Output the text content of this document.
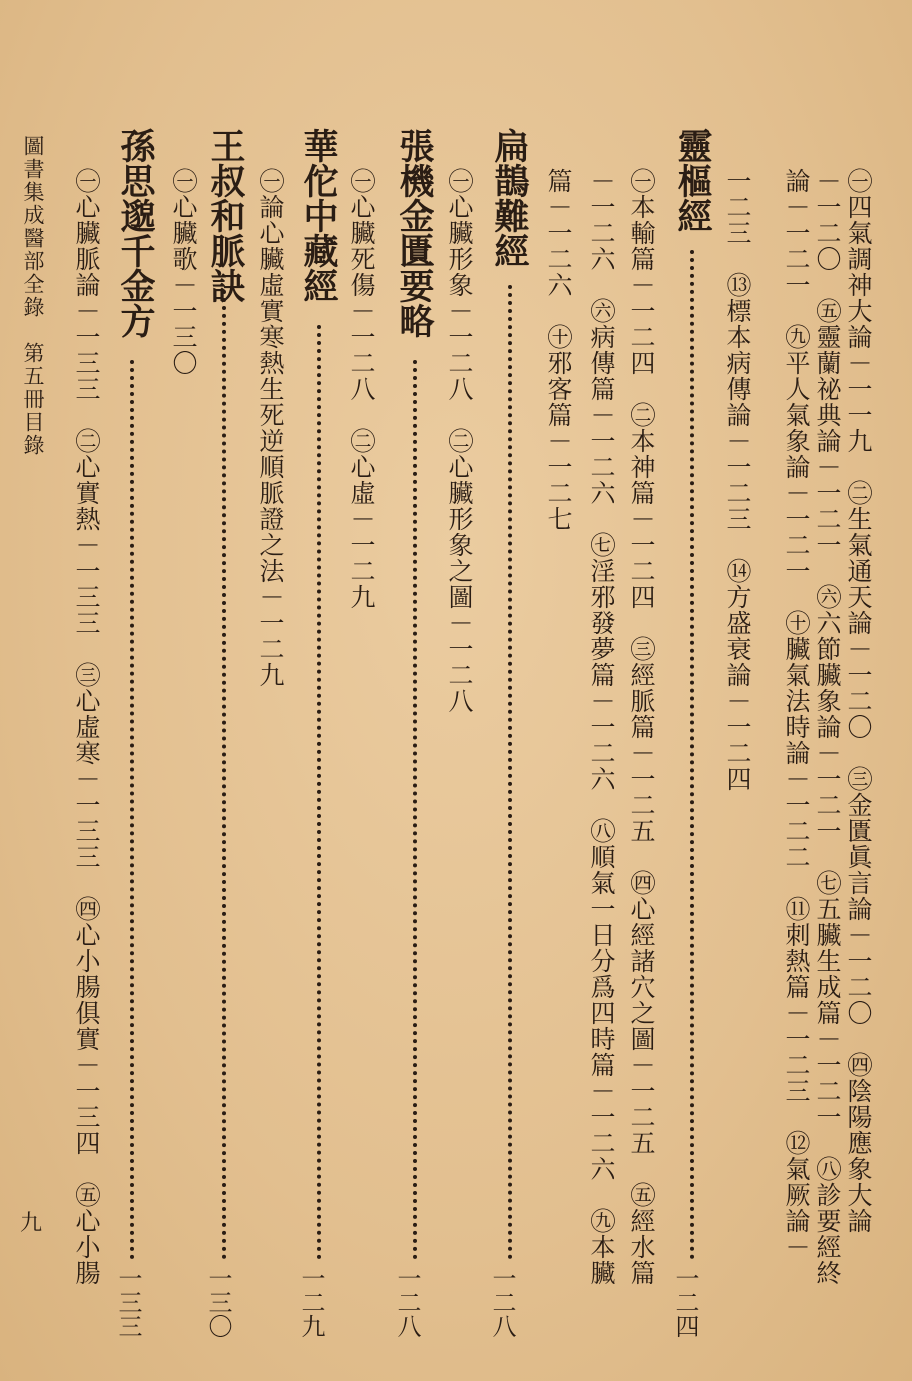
㊀四氣調神大論－一一九　㊁生氣通天論－一二〇　㊂金匱眞言論－一二〇　㊃陰陽應象大論
－一二〇　㊄靈蘭祕典論－一二一　㊅六節臟象論－一二一　㊆五臟生成篇－一二一　㊇診要經終
論－一二一　㊈平人氣象論－一二一　㊉臟氣法時論－一二二　⑪刺熱篇－一二三　⑫氣厥論－
一二三　⑬標本病傳論－一二三　⑭方盛衰論－一二四
靈樞經
一二四
㊀本輸篇－一二四　㊁本神篇－一二四　㊂經脈篇－一二五　㊃心經諸穴之圖－一二五　㊄經水篇
－一二六　㊅病傳篇－一二六　㊆淫邪發夢篇－一二六　㊇順氣一日分爲四時篇－一二六　㊈本臟
篇－一二六　㊉邪客篇－一二七
扁鵲難經
一二八
㊀心臟形象－一二八　㊁心臟形象之圖－一二八
張機金匱要略
一二八
㊀心臟死傷－一二八　㊁心虛－一二九
華佗中藏經
一二九
㊀論心臟虛實寒熱生死逆順脈證之法－一二九
王叔和脈訣
一三〇
㊀心臟歌－一三〇
孫思邈千金方
一三三
㊀心臟脈論－一三三　㊁心實熱－一三三　㊂心虛寒－一三三　㊃心小腸俱實－一三四　㊄心小腸
圖書集成醫部全錄　第五冊目錄
九
